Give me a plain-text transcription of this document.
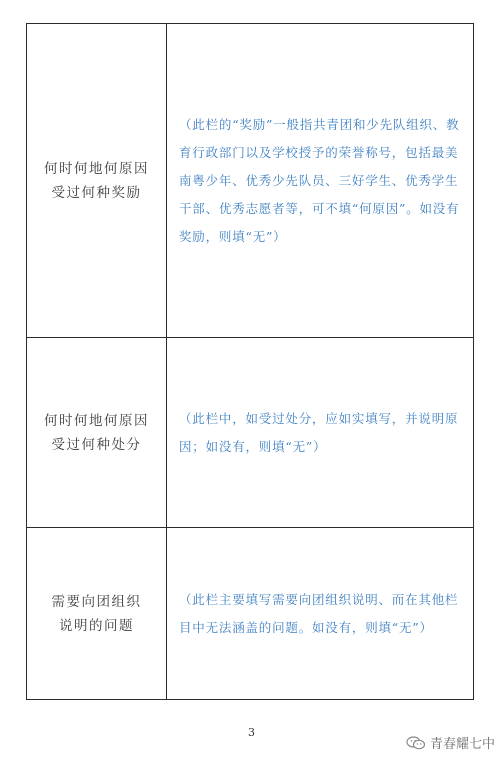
何时何地何原因
受过何种奖励	（此栏的“奖励”一般指共青团和少先队组织、教育行政部门以及学校授予的荣誉称号，包括最美南粤少年、优秀少先队员、三好学生、优秀学生干部、优秀志愿者等，可不填“何原因”。如没有奖励，则填“无”）

何时何地何原因
受过何种处分	（此栏中，如受过处分，应如实填写，并说明原因；如没有，则填“无”）

需要向团组织
说明的问题	（此栏主要填写需要向团组织说明、而在其他栏目中无法涵盖的问题。如没有，则填“无”）
3
青春耀七中
